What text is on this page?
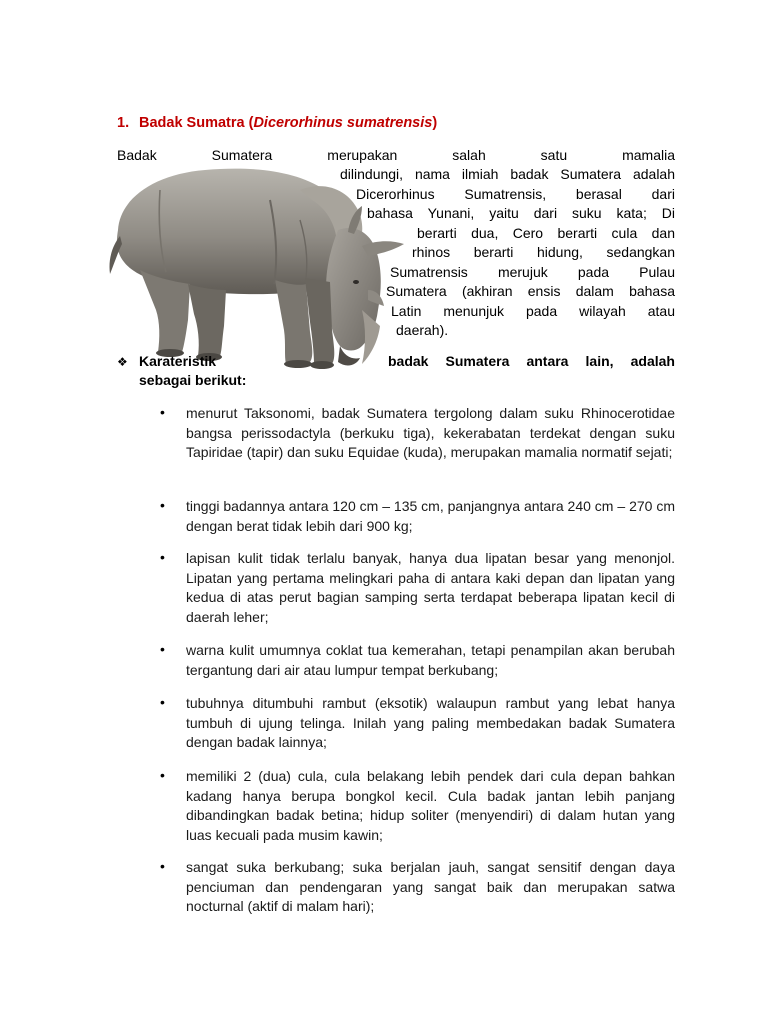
1. Badak Sumatra (Dicerorhinus sumatrensis)
Badak Sumatera merupakan salah satu mamalia
dilindungi, nama ilmiah badak Sumatera adalah
Dicerorhinus Sumatrensis, berasal dari
bahasa Yunani, yaitu dari suku kata; Di
berarti dua, Cero berarti cula dan
rhinos berarti hidung, sedangkan
Sumatrensis merujuk pada Pulau
Sumatera (akhiran ensis dalam bahasa
Latin menunjuk pada wilayah atau
daerah).
❖ Karateristik	badak Sumatera antara lain, adalah
sebagai berikut:
• menurut Taksonomi, badak Sumatera tergolong dalam suku Rhinocerotidae bangsa perissodactyla (berkuku tiga), kekerabatan terdekat dengan suku Tapiridae (tapir) dan suku Equidae (kuda), merupakan mamalia normatif sejati;
• tinggi badannya antara 120 cm – 135 cm, panjangnya antara 240 cm – 270 cm dengan berat tidak lebih dari 900 kg;
• lapisan kulit tidak terlalu banyak, hanya dua lipatan besar yang menonjol. Lipatan yang pertama melingkari paha di antara kaki depan dan lipatan yang kedua di atas perut bagian samping serta terdapat beberapa lipatan kecil di daerah leher;
• warna kulit umumnya coklat tua kemerahan, tetapi penampilan akan berubah tergantung dari air atau lumpur tempat berkubang;
• tubuhnya ditumbuhi rambut (eksotik) walaupun rambut yang lebat hanya tumbuh di ujung telinga. Inilah yang paling membedakan badak Sumatera dengan badak lainnya;
• memiliki 2 (dua) cula, cula belakang lebih pendek dari cula depan bahkan kadang hanya berupa bongkol kecil. Cula badak jantan lebih panjang dibandingkan badak betina; hidup soliter (menyendiri) di dalam hutan yang luas kecuali pada musim kawin;
• sangat suka berkubang; suka berjalan jauh, sangat sensitif dengan daya penciuman dan pendengaran yang sangat baik dan merupakan satwa nocturnal (aktif di malam hari);
